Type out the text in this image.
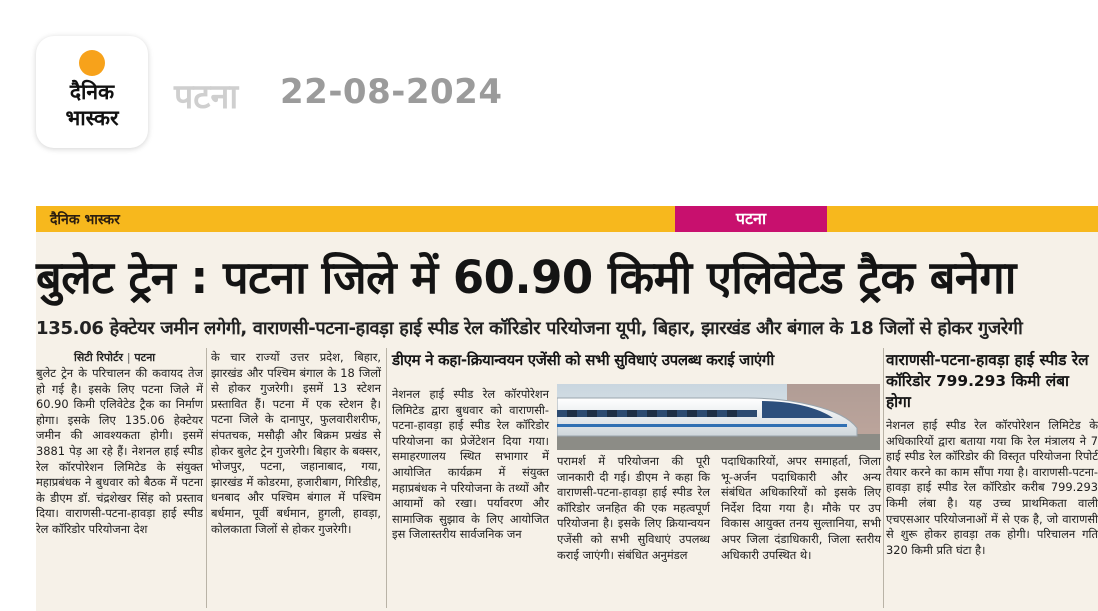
दैनिक
भास्कर
पटना 22-08-2024
दैनिक भास्कर	पटना
बुलेट ट्रेन : पटना जिले में 60.90 किमी एलिवेटेड ट्रैक बनेगा
135.06 हेक्टेयर जमीन लगेगी, वाराणसी-पटना-हावड़ा हाई स्पीड रेल कॉरिडोर परियोजना यूपी, बिहार, झारखंड और बंगाल के 18 जिलों से होकर गुजरेगी
सिटी रिपोर्टर | पटना

बुलेट ट्रेन के परिचालन की कवायद तेज हो गई है। इसके लिए पटना जिले में 60.90 किमी एलिवेटेड ट्रैक का निर्माण होगा। इसके लिए 135.06 हेक्टेयर जमीन की आवश्यकता होगी। इसमें 3881 पेड़ आ रहे हैं। नेशनल हाई स्पीड रेल कॉरपोरेशन लिमिटेड के संयुक्त महाप्रबंधक ने बुधवार को बैठक में पटना के डीएम डॉ. चंद्रशेखर सिंह को प्रस्ताव दिया। वाराणसी-पटना-हावड़ा हाई स्पीड रेल कॉरिडोर परियोजना देश

के चार राज्यों उत्तर प्रदेश, बिहार, झारखंड और पश्चिम बंगाल के 18 जिलों से होकर गुजरेगी। इसमें 13 स्टेशन प्रस्तावित हैं। पटना में एक स्टेशन है। पटना जिले के दानापुर, फुलवारीशरीफ, संपतचक, मसौढ़ी और बिक्रम प्रखंड से होकर बुलेट ट्रेन गुजरेगी। बिहार के बक्सर, भोजपुर, पटना, जहानाबाद, गया, झारखंड में कोडरमा, हजारीबाग, गिरिडीह, धनबाद और पश्चिम बंगाल में पश्चिम बर्धमान, पूर्वी बर्धमान, हुगली, हावड़ा, कोलकाता जिलों से होकर गुजरेगी।

डीएम ने कहा-क्रियान्वयन एजेंसी को सभी सुविधाएं उपलब्ध कराई जाएंगी

नेशनल हाई स्पीड रेल कॉरपोरेशन लिमिटेड द्वारा बुधवार को वाराणसी-पटना-हावड़ा हाई स्पीड रेल कॉरिडोर परियोजना का प्रेजेंटेशन दिया गया। समाहरणालय स्थित सभागार में आयोजित कार्यक्रम में संयुक्त महाप्रबंधक ने परियोजना के तथ्यों और आयामों को रखा। पर्यावरण और सामाजिक सुझाव के लिए आयोजित इस जिलास्तरीय सार्वजनिक जन

परामर्श में परियोजना की पूरी जानकारी दी गई। डीएम ने कहा कि वाराणसी-पटना-हावड़ा हाई स्पीड रेल कॉरिडोर जनहित की एक महत्वपूर्ण परियोजना है। इसके लिए क्रियान्वयन एजेंसी को सभी सुविधाएं उपलब्ध कराई जाएंगी। संबंधित अनुमंडल

पदाधिकारियों, अपर समाहर्ता, जिला भू-अर्जन पदाधिकारी और अन्य संबंधित अधिकारियों को इसके लिए निर्देश दिया गया है। मौके पर उप विकास आयुक्त तनय सुल्तानिया, सभी अपर जिला दंडाधिकारी, जिला स्तरीय अधिकारी उपस्थित थे।

वाराणसी-पटना-हावड़ा हाई स्पीड रेल कॉरिडोर 799.293 किमी लंबा होगा

नेशनल हाई स्पीड रेल कॉरपोरेशन लिमिटेड के अधिकारियों द्वारा बताया गया कि रेल मंत्रालय ने 7 हाई स्पीड रेल कॉरिडोर की विस्तृत परियोजना रिपोर्ट तैयार करने का काम सौंपा गया है। वाराणसी-पटना-हावड़ा हाई स्पीड रेल कॉरिडोर करीब 799.293 किमी लंबा है। यह उच्च प्राथमिकता वाली एचएसआर परियोजनाओं में से एक है, जो वाराणसी से शुरू होकर हावड़ा तक होगी। परिचालन गति 320 किमी प्रति घंटा है।
